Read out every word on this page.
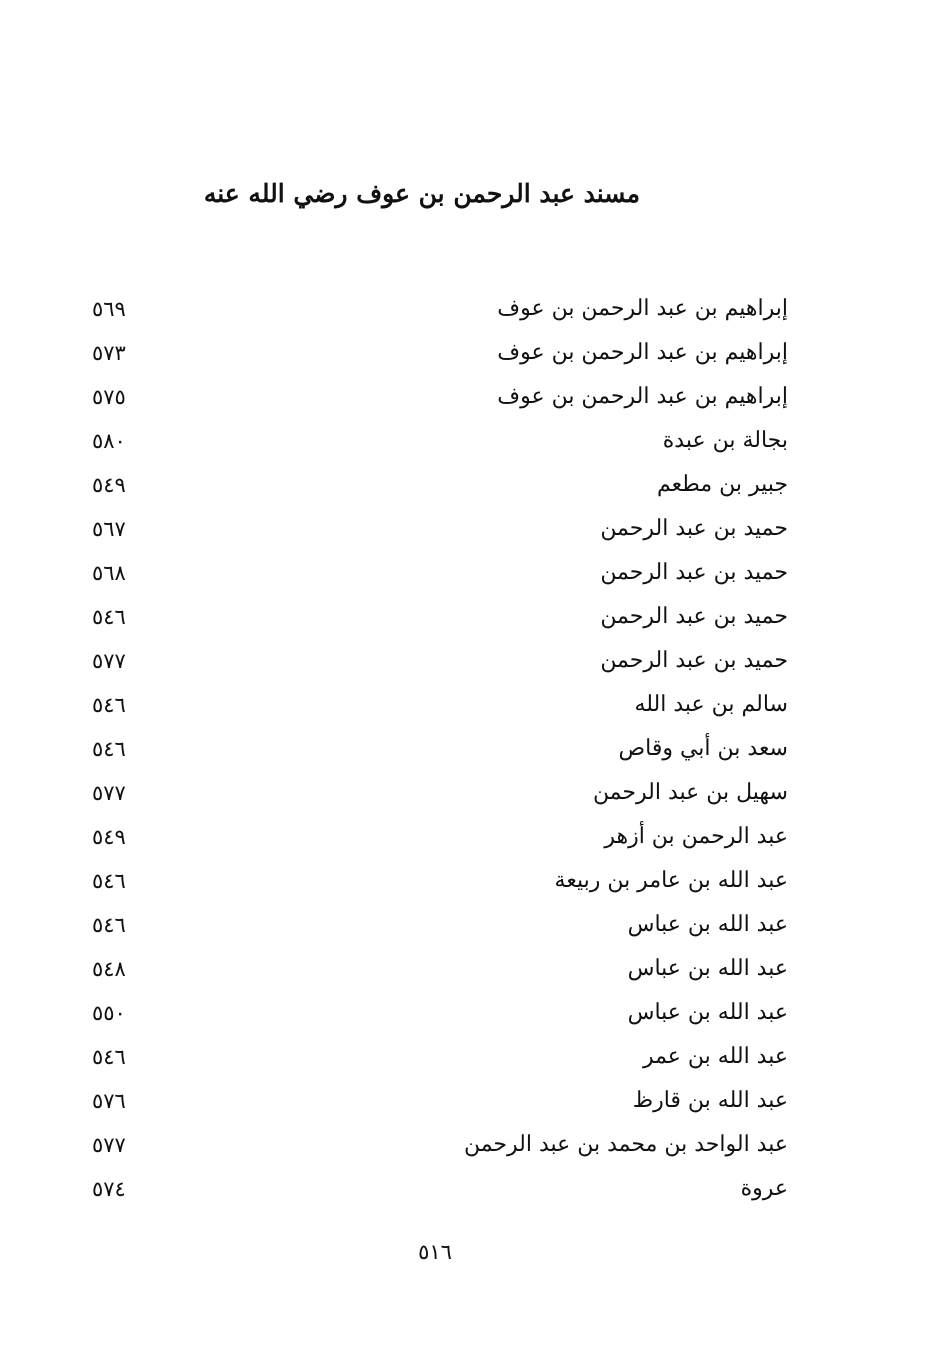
مسند عبد الرحمن بن عوف رضي الله عنه
إبراهيم بن عبد الرحمن بن عوف
٥٦٩
إبراهيم بن عبد الرحمن بن عوف
٥٧٣
إبراهيم بن عبد الرحمن بن عوف
٥٧٥
بجالة بن عبدة
٥٨٠
جبير بن مطعم
٥٤٩
حميد بن عبد الرحمن
٥٦٧
حميد بن عبد الرحمن
٥٦٨
حميد بن عبد الرحمن
٥٤٦
حميد بن عبد الرحمن
٥٧٧
سالم بن عبد الله
٥٤٦
سعد بن أبي وقاص
٥٤٦
سهيل بن عبد الرحمن
٥٧٧
عبد الرحمن بن أزهر
٥٤٩
عبد الله بن عامر بن ربيعة
٥٤٦
عبد الله بن عباس
٥٤٦
عبد الله بن عباس
٥٤٨
عبد الله بن عباس
٥٥٠
عبد الله بن عمر
٥٤٦
عبد الله بن قارظ
٥٧٦
عبد الواحد بن محمد بن عبد الرحمن
٥٧٧
عروة
٥٧٤
٥١٦
